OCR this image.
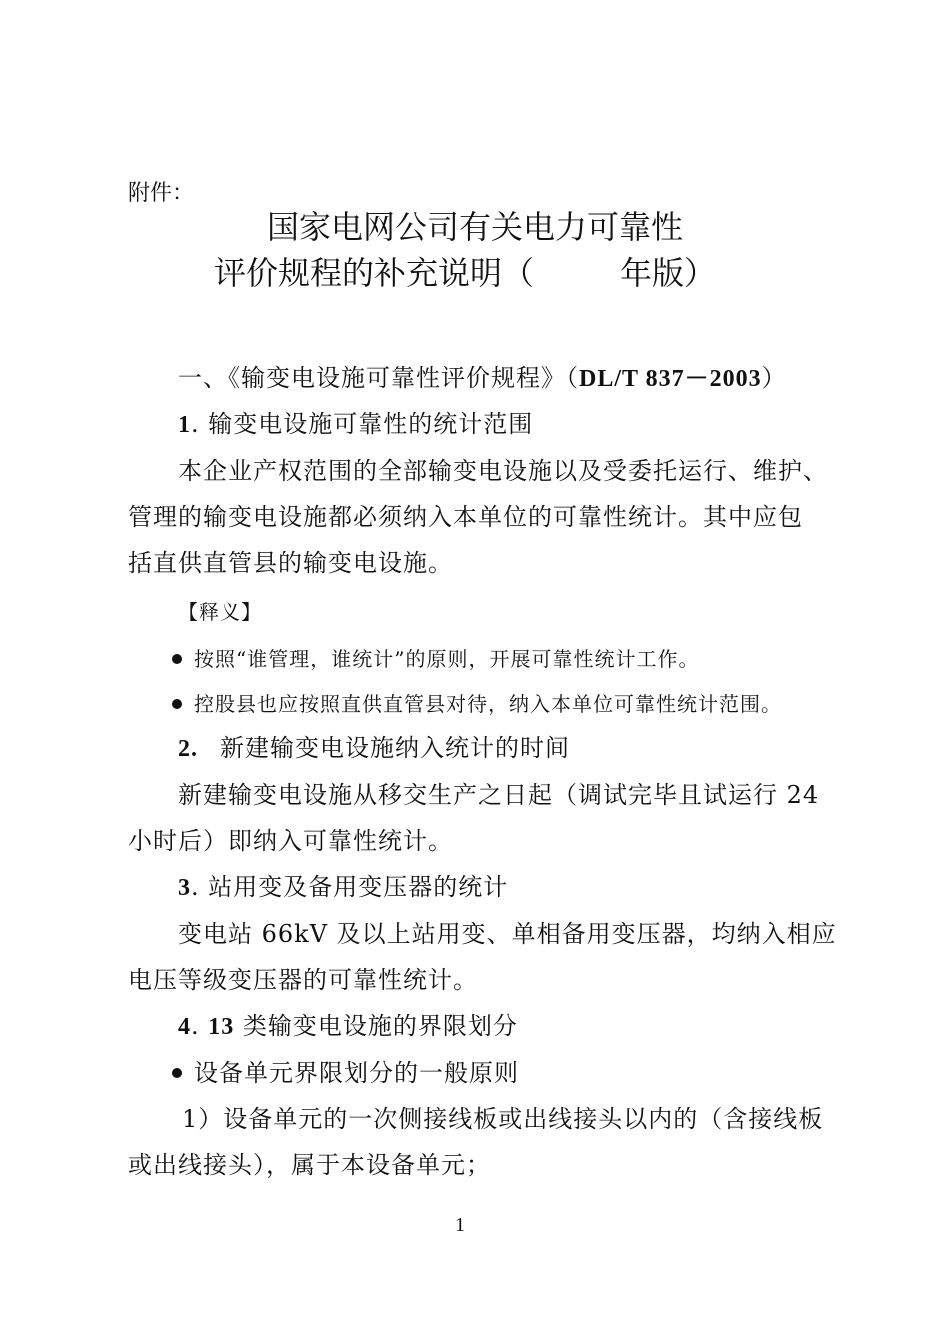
附件：
国家电网公司有关电力可靠性
评价规程的补充说明（	年版）
一、《输变电设施可靠性评价规程》（DL/T 837－2003）
1. 输变电设施可靠性的统计范围
本企业产权范围的全部输变电设施以及受委托运行、维护、
管理的输变电设施都必须纳入本单位的可靠性统计。其中应包
括直供直管县的输变电设施。
【释义】
按照“谁管理，谁统计”的原则，开展可靠性统计工作。
控股县也应按照直供直管县对待，纳入本单位可靠性统计范围。
2. 新建输变电设施纳入统计的时间
新建输变电设施从移交生产之日起（调试完毕且试运行 24
小时后）即纳入可靠性统计。
3. 站用变及备用变压器的统计
变电站 66kV 及以上站用变、单相备用变压器，均纳入相应
电压等级变压器的可靠性统计。
4. 13 类输变电设施的界限划分
设备单元界限划分的一般原则
1）设备单元的一次侧接线板或出线接头以内的（含接线板
或出线接头），属于本设备单元；
1
